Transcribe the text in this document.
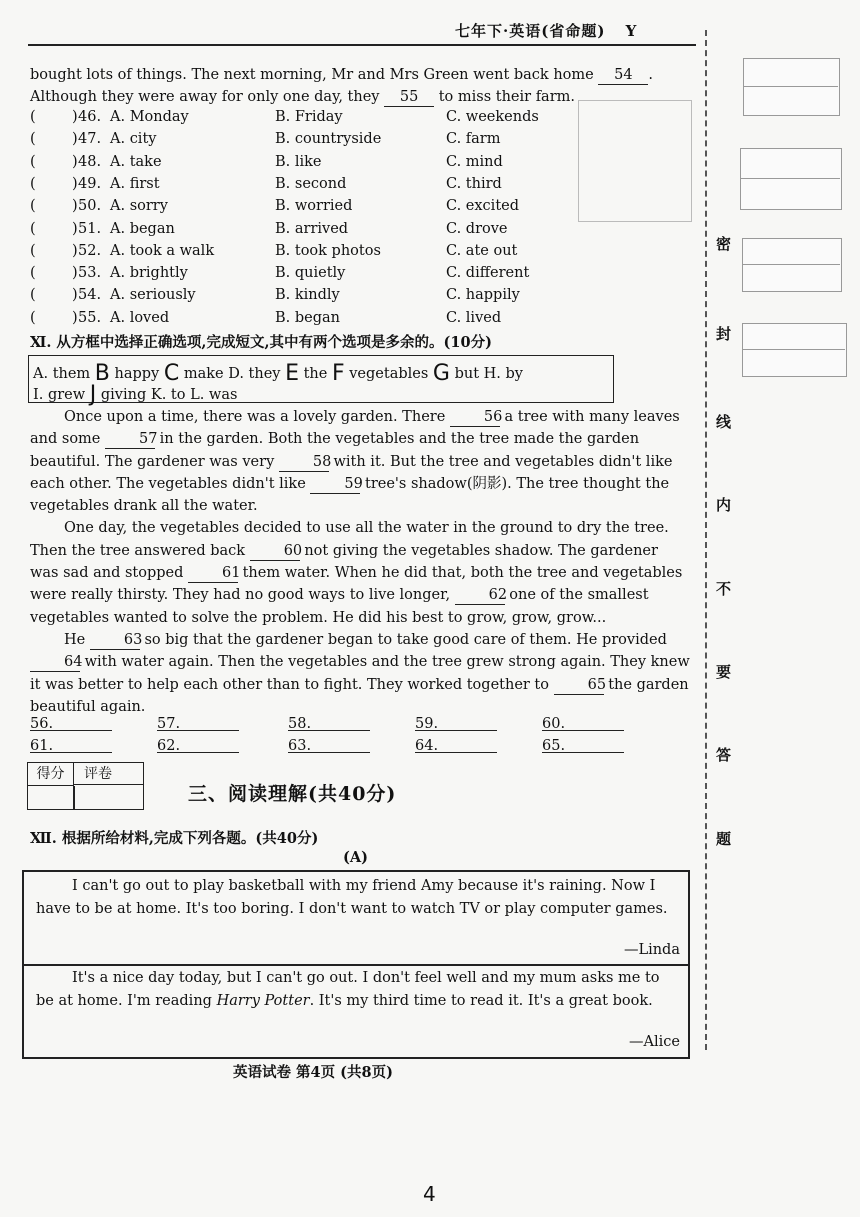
七年下·英语(省命题) Y
bought lots of things. The next morning, Mr and Mrs Green went back home 54 .
Although they were away for only one day, they 55 to miss their farm.
(	) 46. A. Monday	B. Friday	C. weekends
(	) 47. A. city	B. countryside	C. farm
(	) 48. A. take	B. like	C. mind
(	) 49. A. first	B. second	C. third
(	) 50. A. sorry	B. worried	C. excited
(	) 51. A. began	B. arrived	C. drove
(	) 52. A. took a walk	B. took photos	C. ate out
(	) 53. A. brightly	B. quietly	C. different
(	) 54. A. seriously	B. kindly	C. happily
(	) 55. A. loved	B. began	C. lived
Ⅺ. 从方框中选择正确选项,完成短文,其中有两个选项是多余的。(10分)
A. them B happy C make D. they E the F vegetables G but H. by
I. grew J giving K. to L. was
Once upon a time, there was a lovely garden. There	56 a tree with many leaves and some	57 in the garden. Both the vegetables and the tree made the garden beautiful. The gardener was very	58 with it. But the tree and vegetables didn't like each other. The vegetables didn't like	59 tree's shadow(阴影). The tree thought the vegetables drank all the water.
One day, the vegetables decided to use all the water in the ground to dry the tree. Then the tree answered back	60 not giving the vegetables shadow. The gardener was sad and stopped	61 them water. When he did that, both the tree and vegetables were really thirsty. They had no good ways to live longer,	62 one of the smallest vegetables wanted to solve the problem. He did his best to grow, grow, grow...
He	63 so big that the gardener began to take good care of them. He provided 64 with water again. Then the vegetables and the tree grew strong again. They knew it was better to help each other than to fight. They worked together to	65 the garden beautiful again.
56.	57.	58.	59.	60.
61.	62.	63.	64.	65.
得分	评卷
三、阅读理解(共40分)
Ⅻ. 根据所给材料,完成下列各题。(共40分)
(A)
I can't go out to play basketball with my friend Amy because it's raining. Now I have to be at home. It's too boring. I don't want to watch TV or play computer games.
—Linda
It's a nice day today, but I can't go out. I don't feel well and my mum asks me to be at home. I'm reading Harry Potter. It's my third time to read it. It's a great book.
—Alice
英语试卷 第4页 (共8页)
密
封
线
内
不
要
答
题
4
